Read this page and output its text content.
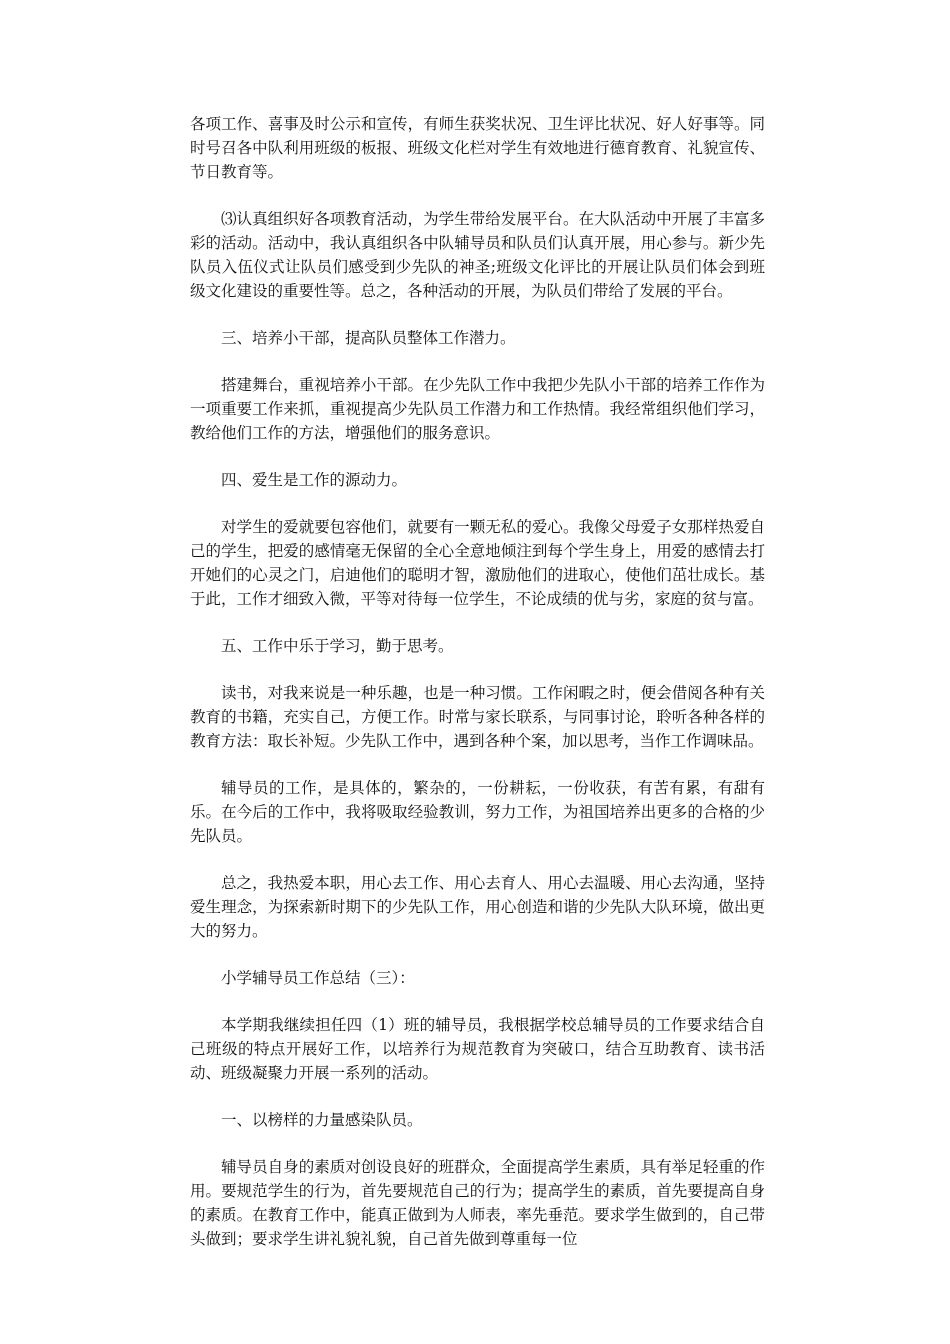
各项工作、喜事及时公示和宣传，有师生获奖状况、卫生评比状况、好人好事等。同时号召各中队利用班级的板报、班级文化栏对学生有效地进行德育教育、礼貌宣传、节日教育等。

⑶认真组织好各项教育活动，为学生带给发展平台。在大队活动中开展了丰富多彩的活动。活动中，我认真组织各中队辅导员和队员们认真开展，用心参与。新少先队员入伍仪式让队员们感受到少先队的神圣;班级文化评比的开展让队员们体会到班级文化建设的重要性等。总之，各种活动的开展，为队员们带给了发展的平台。

三、培养小干部，提高队员整体工作潜力。

搭建舞台，重视培养小干部。在少先队工作中我把少先队小干部的培养工作作为一项重要工作来抓，重视提高少先队员工作潜力和工作热情。我经常组织他们学习，教给他们工作的方法，增强他们的服务意识。

四、爱生是工作的源动力。

对学生的爱就要包容他们，就要有一颗无私的爱心。我像父母爱子女那样热爱自己的学生，把爱的感情毫无保留的全心全意地倾注到每个学生身上，用爱的感情去打开她们的心灵之门，启迪他们的聪明才智，激励他们的进取心，使他们茁壮成长。基于此，工作才细致入微，平等对待每一位学生，不论成绩的优与劣，家庭的贫与富。

五、工作中乐于学习，勤于思考。

读书，对我来说是一种乐趣，也是一种习惯。工作闲暇之时，便会借阅各种有关教育的书籍，充实自己，方便工作。时常与家长联系，与同事讨论，聆听各种各样的教育方法：取长补短。少先队工作中，遇到各种个案，加以思考，当作工作调味品。

辅导员的工作，是具体的，繁杂的，一份耕耘，一份收获，有苦有累，有甜有乐。在今后的工作中，我将吸取经验教训，努力工作，为祖国培养出更多的合格的少先队员。

总之，我热爱本职，用心去工作、用心去育人、用心去温暖、用心去沟通，坚持爱生理念，为探索新时期下的少先队工作，用心创造和谐的少先队大队环境，做出更大的努力。

小学辅导员工作总结（三）：

本学期我继续担任四（1）班的辅导员，我根据学校总辅导员的工作要求结合自己班级的特点开展好工作，以培养行为规范教育为突破口，结合互助教育、读书活动、班级凝聚力开展一系列的活动。

一、以榜样的力量感染队员。

辅导员自身的素质对创设良好的班群众，全面提高学生素质，具有举足轻重的作用。要规范学生的行为，首先要规范自己的行为；提高学生的素质，首先要提高自身的素质。在教育工作中，能真正做到为人师表，率先垂范。要求学生做到的，自己带头做到；要求学生讲礼貌礼貌，自己首先做到尊重每一位
